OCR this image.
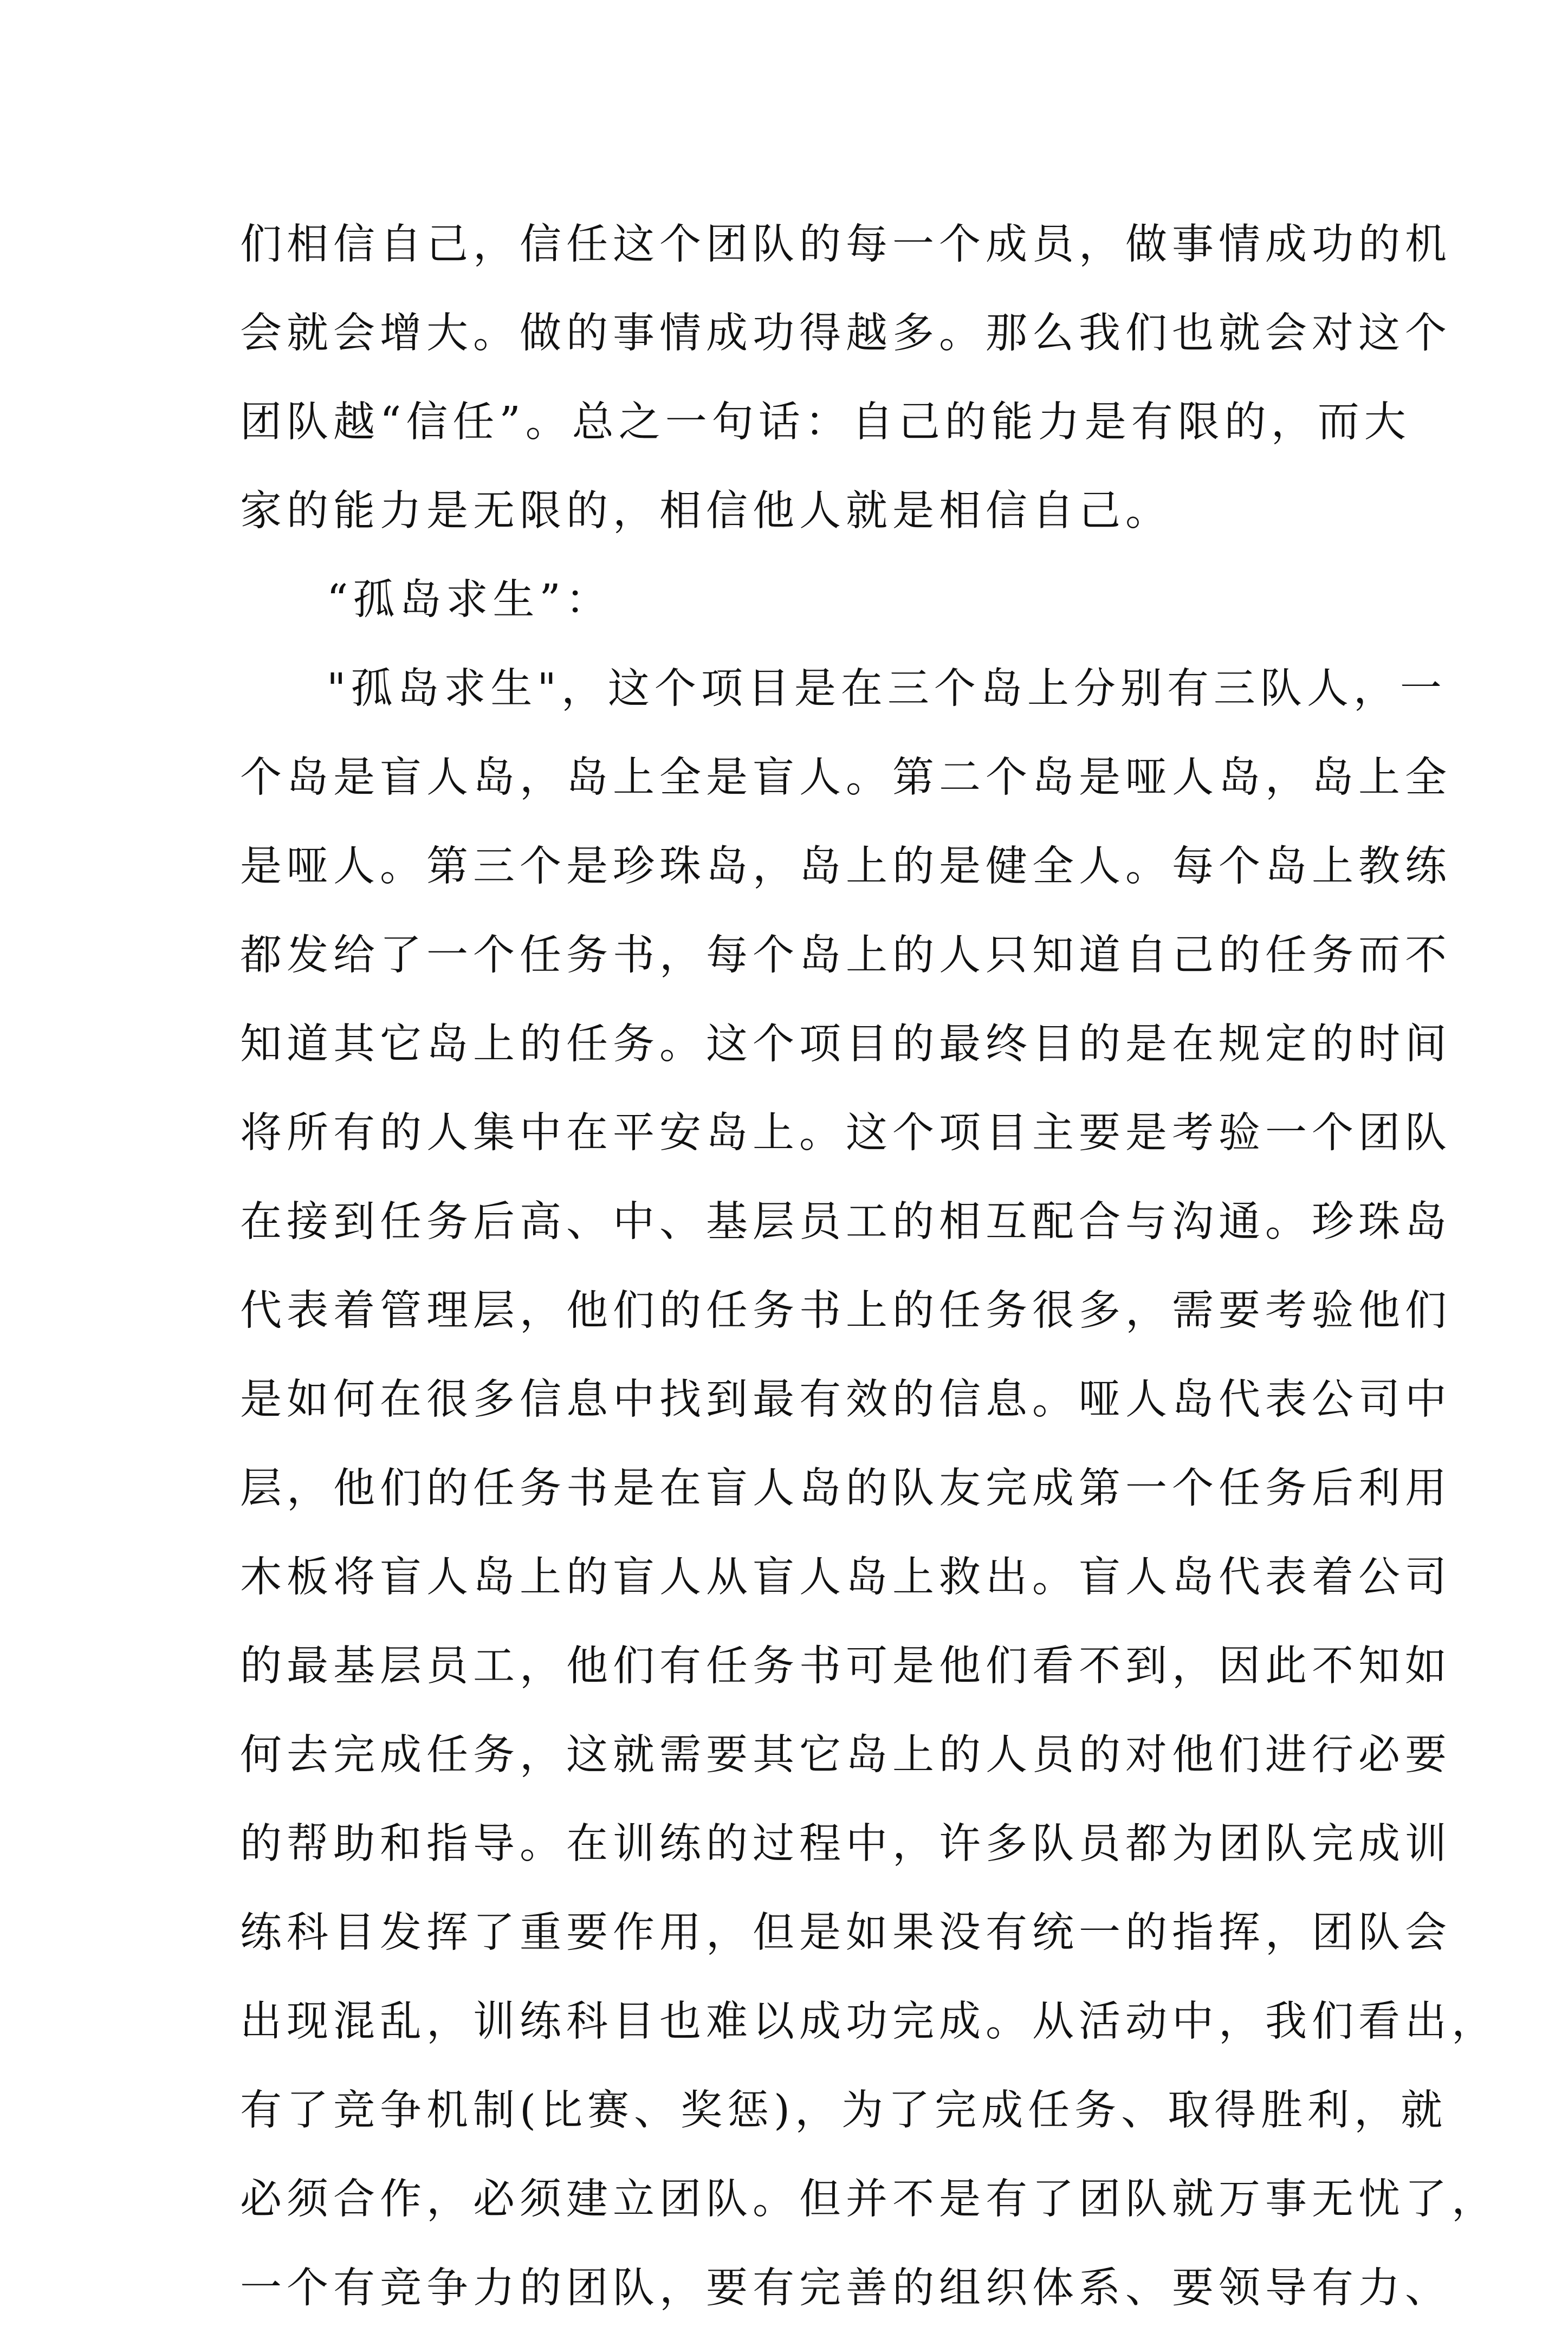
们相信自己，信任这个团队的每一个成员，做事情成功的机
会就会增大。做的事情成功得越多。那么我们也就会对这个
团队越“信任”。总之一句话：自己的能力是有限的，而大
家的能力是无限的，相信他人就是相信自己。
“孤岛求生”：
"孤岛求生"，这个项目是在三个岛上分别有三队人，一
个岛是盲人岛，岛上全是盲人。第二个岛是哑人岛，岛上全
是哑人。第三个是珍珠岛，岛上的是健全人。每个岛上教练
都发给了一个任务书，每个岛上的人只知道自己的任务而不
知道其它岛上的任务。这个项目的最终目的是在规定的时间
将所有的人集中在平安岛上。这个项目主要是考验一个团队
在接到任务后高、中、基层员工的相互配合与沟通。珍珠岛
代表着管理层，他们的任务书上的任务很多，需要考验他们
是如何在很多信息中找到最有效的信息。哑人岛代表公司中
层，他们的任务书是在盲人岛的队友完成第一个任务后利用
木板将盲人岛上的盲人从盲人岛上救出。盲人岛代表着公司
的最基层员工，他们有任务书可是他们看不到，因此不知如
何去完成任务，这就需要其它岛上的人员的对他们进行必要
的帮助和指导。在训练的过程中，许多队员都为团队完成训
练科目发挥了重要作用，但是如果没有统一的指挥，团队会
出现混乱，训练科目也难以成功完成。从活动中，我们看出，
有了竞争机制(比赛、奖惩)，为了完成任务、取得胜利，就
必须合作，必须建立团队。但并不是有了团队就万事无忧了，
一个有竞争力的团队，要有完善的组织体系、要领导有力、
